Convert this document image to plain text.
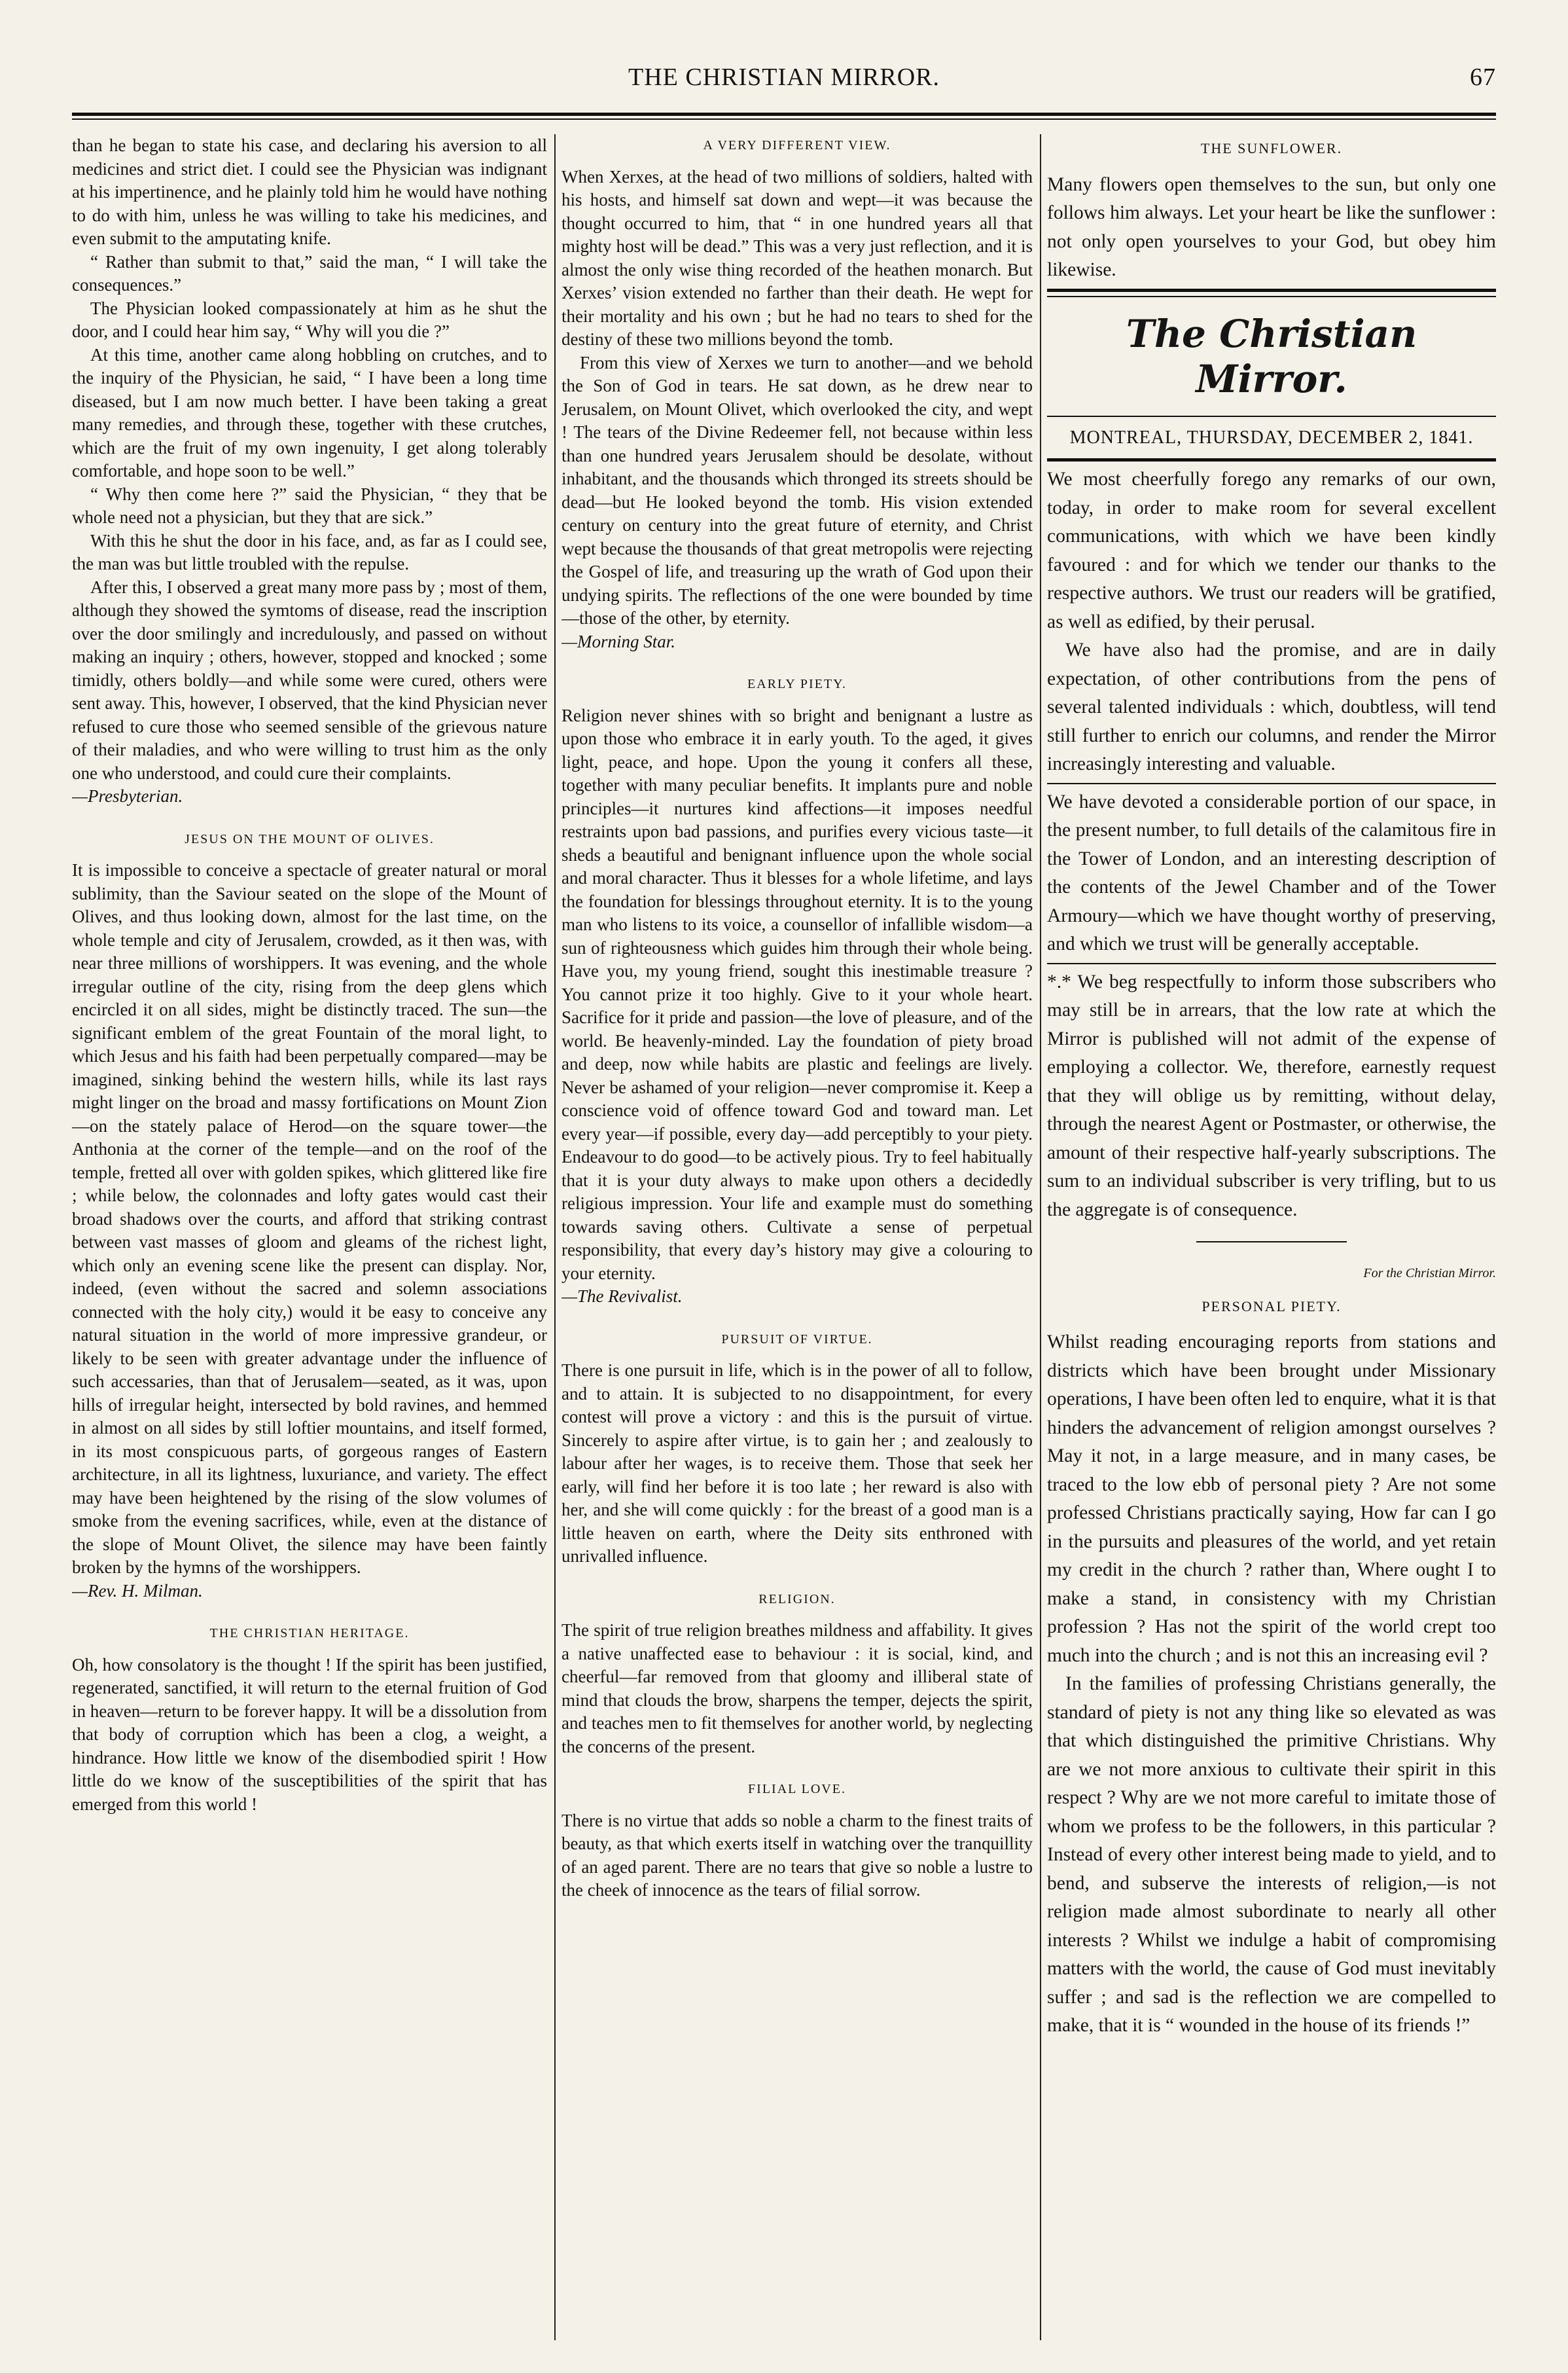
THE CHRISTIAN MIRROR.	67

than he began to state his case, and declaring his aversion to all medicines and strict diet. I could see the Physician was indignant at his impertinence, and he plainly told him he would have nothing to do with him, unless he was willing to take his medicines, and even submit to the amputating knife.

“ Rather than submit to that,” said the man, “ I will take the consequences.”

The Physician looked compassionately at him as he shut the door, and I could hear him say, “ Why will you die ?”

At this time, another came along hobbling on crutches, and to the inquiry of the Physician, he said, “ I have been a long time diseased, but I am now much better. I have been taking a great many remedies, and through these, together with these crutches, which are the fruit of my own ingenuity, I get along tolerably comfortable, and hope soon to be well.”

“ Why then come here ?” said the Physician, “ they that be whole need not a physician, but they that are sick.”

With this he shut the door in his face, and, as far as I could see, the man was but little troubled with the repulse.

After this, I observed a great many more pass by ; most of them, although they showed the symtoms of disease, read the inscription over the door smilingly and incredulously, and passed on without making an inquiry ; others, however, stopped and knocked ; some timidly, others boldly—and while some were cured, others were sent away. This, however, I observed, that the kind Physician never refused to cure those who seemed sensible of the grievous nature of their maladies, and who were willing to trust him as the only one who understood, and could cure their complaints.

—Presbyterian.

JESUS ON THE MOUNT OF OLIVES.

It is impossible to conceive a spectacle of greater natural or moral sublimity, than the Saviour seated on the slope of the Mount of Olives, and thus looking down, almost for the last time, on the whole temple and city of Jerusalem, crowded, as it then was, with near three millions of worshippers. It was evening, and the whole irregular outline of the city, rising from the deep glens which encircled it on all sides, might be distinctly traced. The sun—the significant emblem of the great Fountain of the moral light, to which Jesus and his faith had been perpetually compared—may be imagined, sinking behind the western hills, while its last rays might linger on the broad and massy fortifications on Mount Zion—on the stately palace of Herod—on the square tower—the Anthonia at the corner of the temple—and on the roof of the temple, fretted all over with golden spikes, which glittered like fire ; while below, the colonnades and lofty gates would cast their broad shadows over the courts, and afford that striking contrast between vast masses of gloom and gleams of the richest light, which only an evening scene like the present can display. Nor, indeed, (even without the sacred and solemn associations connected with the holy city,) would it be easy to conceive any natural situation in the world of more impressive grandeur, or likely to be seen with greater advantage under the influence of such accessaries, than that of Jerusalem—seated, as it was, upon hills of irregular height, intersected by bold ravines, and hemmed in almost on all sides by still loftier mountains, and itself formed, in its most conspicuous parts, of gorgeous ranges of Eastern architecture, in all its lightness, luxuriance, and variety. The effect may have been heightened by the rising of the slow volumes of smoke from the evening sacrifices, while, even at the distance of the slope of Mount Olivet, the silence may have been faintly broken by the hymns of the worshippers.

—Rev. H. Milman.

THE CHRISTIAN HERITAGE.

Oh, how consolatory is the thought ! If the spirit has been justified, regenerated, sanctified, it will return to the eternal fruition of God in heaven—return to be forever happy. It will be a dissolution from that body of corruption which has been a clog, a weight, a hindrance. How little we know of the disembodied spirit ! How little do we know of the susceptibilities of the spirit that has emerged from this world !

A VERY DIFFERENT VIEW.

When Xerxes, at the head of two millions of soldiers, halted with his hosts, and himself sat down and wept—it was because the thought occurred to him, that “ in one hundred years all that mighty host will be dead.” This was a very just reflection, and it is almost the only wise thing recorded of the heathen monarch. But Xerxes’ vision extended no farther than their death. He wept for their mortality and his own ; but he had no tears to shed for the destiny of these two millions beyond the tomb.

From this view of Xerxes we turn to another—and we behold the Son of God in tears. He sat down, as he drew near to Jerusalem, on Mount Olivet, which overlooked the city, and wept ! The tears of the Divine Redeemer fell, not because within less than one hundred years Jerusalem should be desolate, without inhabitant, and the thousands which thronged its streets should be dead—but He looked beyond the tomb. His vision extended century on century into the great future of eternity, and Christ wept because the thousands of that great metropolis were rejecting the Gospel of life, and treasuring up the wrath of God upon their undying spirits. The reflections of the one were bounded by time—those of the other, by eternity.

—Morning Star.

EARLY PIETY.

Religion never shines with so bright and benignant a lustre as upon those who embrace it in early youth. To the aged, it gives light, peace, and hope. Upon the young it confers all these, together with many peculiar benefits. It implants pure and noble principles—it nurtures kind affections—it imposes needful restraints upon bad passions, and purifies every vicious taste—it sheds a beautiful and benignant influence upon the whole social and moral character. Thus it blesses for a whole lifetime, and lays the foundation for blessings throughout eternity. It is to the young man who listens to its voice, a counsellor of infallible wisdom—a sun of righteousness which guides him through their whole being. Have you, my young friend, sought this inestimable treasure ? You cannot prize it too highly. Give to it your whole heart. Sacrifice for it pride and passion—the love of pleasure, and of the world. Be heavenly-minded. Lay the foundation of piety broad and deep, now while habits are plastic and feelings are lively. Never be ashamed of your religion—never compromise it. Keep a conscience void of offence toward God and toward man. Let every year—if possible, every day—add perceptibly to your piety. Endeavour to do good—to be actively pious. Try to feel habitually that it is your duty always to make upon others a decidedly religious impression. Your life and example must do something towards saving others. Cultivate a sense of perpetual responsibility, that every day’s history may give a colouring to your eternity.

—The Revivalist.

PURSUIT OF VIRTUE.

There is one pursuit in life, which is in the power of all to follow, and to attain. It is subjected to no disappointment, for every contest will prove a victory : and this is the pursuit of virtue. Sincerely to aspire after virtue, is to gain her ; and zealously to labour after her wages, is to receive them. Those that seek her early, will find her before it is too late ; her reward is also with her, and she will come quickly : for the breast of a good man is a little heaven on earth, where the Deity sits enthroned with unrivalled influence.

RELIGION.

The spirit of true religion breathes mildness and affability. It gives a native unaffected ease to behaviour : it is social, kind, and cheerful—far removed from that gloomy and illiberal state of mind that clouds the brow, sharpens the temper, dejects the spirit, and teaches men to fit themselves for another world, by neglecting the concerns of the present.

FILIAL LOVE.

There is no virtue that adds so noble a charm to the finest traits of beauty, as that which exerts itself in watching over the tranquillity of an aged parent. There are no tears that give so noble a lustre to the cheek of innocence as the tears of filial sorrow.

THE SUNFLOWER.

Many flowers open themselves to the sun, but only one follows him always. Let your heart be like the sunflower : not only open yourselves to your God, but obey him likewise.

The Christian Mirror.
MONTREAL, THURSDAY, DECEMBER 2, 1841.

We most cheerfully forego any remarks of our own, today, in order to make room for several excellent communications, with which we have been kindly favoured : and for which we tender our thanks to the respective authors. We trust our readers will be gratified, as well as edified, by their perusal.

We have also had the promise, and are in daily expectation, of other contributions from the pens of several talented individuals : which, doubtless, will tend still further to enrich our columns, and render the Mirror increasingly interesting and valuable.

We have devoted a considerable portion of our space, in the present number, to full details of the calamitous fire in the Tower of London, and an interesting description of the contents of the Jewel Chamber and of the Tower Armoury—which we have thought worthy of preserving, and which we trust will be generally acceptable.

*.* We beg respectfully to inform those subscribers who may still be in arrears, that the low rate at which the Mirror is published will not admit of the expense of employing a collector. We, therefore, earnestly request that they will oblige us by remitting, without delay, through the nearest Agent or Postmaster, or otherwise, the amount of their respective half-yearly subscriptions. The sum to an individual subscriber is very trifling, but to us the aggregate is of consequence.

For the Christian Mirror.
PERSONAL PIETY.

Whilst reading encouraging reports from stations and districts which have been brought under Missionary operations, I have been often led to enquire, what it is that hinders the advancement of religion amongst ourselves ? May it not, in a large measure, and in many cases, be traced to the low ebb of personal piety ? Are not some professed Christians practically saying, How far can I go in the pursuits and pleasures of the world, and yet retain my credit in the church ? rather than, Where ought I to make a stand, in consistency with my Christian profession ? Has not the spirit of the world crept too much into the church ; and is not this an increasing evil ?

In the families of professing Christians generally, the standard of piety is not any thing like so elevated as was that which distinguished the primitive Christians. Why are we not more anxious to cultivate their spirit in this respect ? Why are we not more careful to imitate those of whom we profess to be the followers, in this particular ? Instead of every other interest being made to yield, and to bend, and subserve the interests of religion,—is not religion made almost subordinate to nearly all other interests ? Whilst we indulge a habit of compromising matters with the world, the cause of God must inevitably suffer ; and sad is the reflection we are compelled to make, that it is “ wounded in the house of its friends !”
